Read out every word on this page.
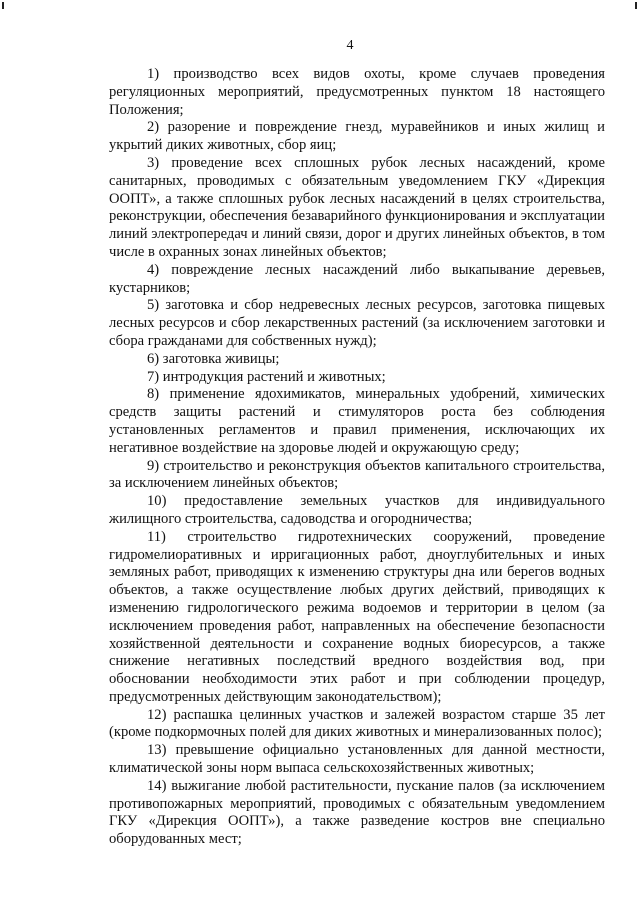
4

1) производство всех видов охоты, кроме случаев проведения регуляционных мероприятий, предусмотренных пунктом 18 настоящего Положения;

2) разорение и повреждение гнезд, муравейников и иных жилищ и укрытий диких животных, сбор яиц;

3) проведение всех сплошных рубок лесных насаждений, кроме санитарных, проводимых с обязательным уведомлением ГКУ «Дирекция ООПТ», а также сплошных рубок лесных насаждений в целях строительства, реконструкции, обеспечения безаварийного функционирования и эксплуатации линий электропередач и линий связи, дорог и других линейных объектов, в том числе в охранных зонах линейных объектов;

4) повреждение лесных насаждений либо выкапывание деревьев, кустарников;

5) заготовка и сбор недревесных лесных ресурсов, заготовка пищевых лесных ресурсов и сбор лекарственных растений (за исключением заготовки и сбора гражданами для собственных нужд);

6) заготовка живицы;

7) интродукция растений и животных;

8) применение ядохимикатов, минеральных удобрений, химических средств защиты растений и стимуляторов роста без соблюдения установленных регламентов и правил применения, исключающих их негативное воздействие на здоровье людей и окружающую среду;

9) строительство и реконструкция объектов капитального строительства, за исключением линейных объектов;

10) предоставление земельных участков для индивидуального жилищного строительства, садоводства и огородничества;

11) строительство гидротехнических сооружений, проведение гидромелиоративных и ирригационных работ, дноуглубительных и иных земляных работ, приводящих к изменению структуры дна или берегов водных объектов, а также осуществление любых других действий, приводящих к изменению гидрологического режима водоемов и территории в целом (за исключением проведения работ, направленных на обеспечение безопасности хозяйственной деятельности и сохранение водных биоресурсов, а также снижение негативных последствий вредного воздействия вод, при обосновании необходимости этих работ и при соблюдении процедур, предусмотренных действующим законодательством);

12) распашка целинных участков и залежей возрастом старше 35 лет (кроме подкормочных полей для диких животных и минерализованных полос);

13) превышение официально установленных для данной местности, климатической зоны норм выпаса сельскохозяйственных животных;

14) выжигание любой растительности, пускание палов (за исключением противопожарных мероприятий, проводимых с обязательным уведомлением ГКУ «Дирекция ООПТ»), а также разведение костров вне специально оборудованных мест;
